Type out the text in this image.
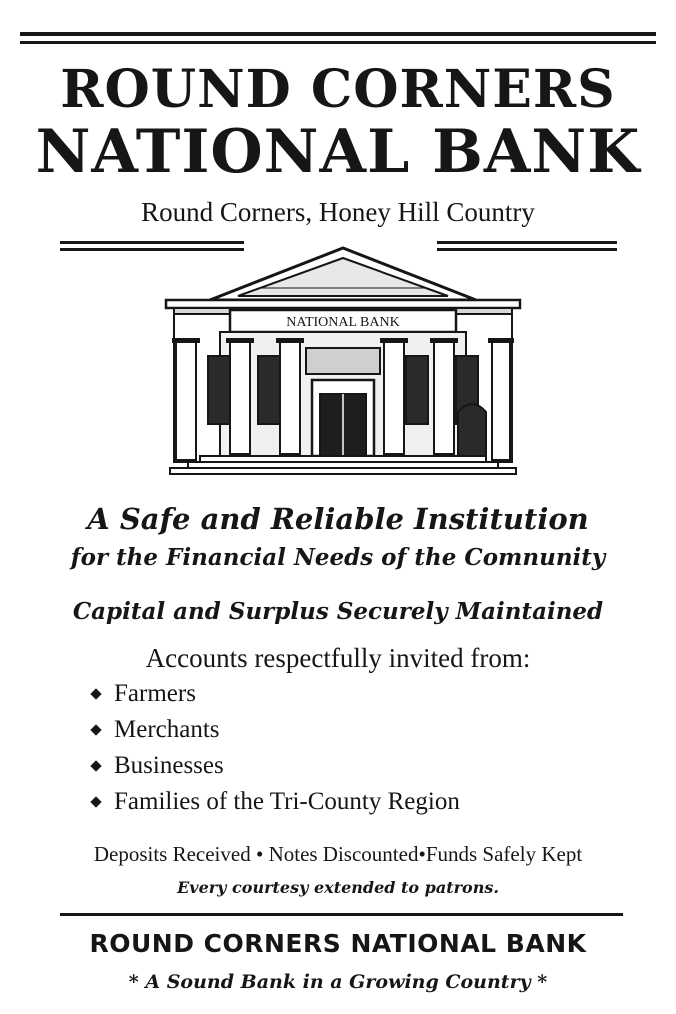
ROUND CORNERS
NATIONAL BANK
Round Corners, Honey Hill Country
NATIONAL BANK
A Safe and Reliable Institution
for the Financial Needs of the Comnunity
Capital and Surplus Securely Maintained
Accounts respectfully invited from:
Farmers
Merchants
Businesses
Families of the Tri-County Region
Deposits Received • Notes Discounted•Funds Safely Kept
Every courtesy extended to patrons.
ROUND CORNERS NATIONAL BANK
* A Sound Bank in a Growing Country *
